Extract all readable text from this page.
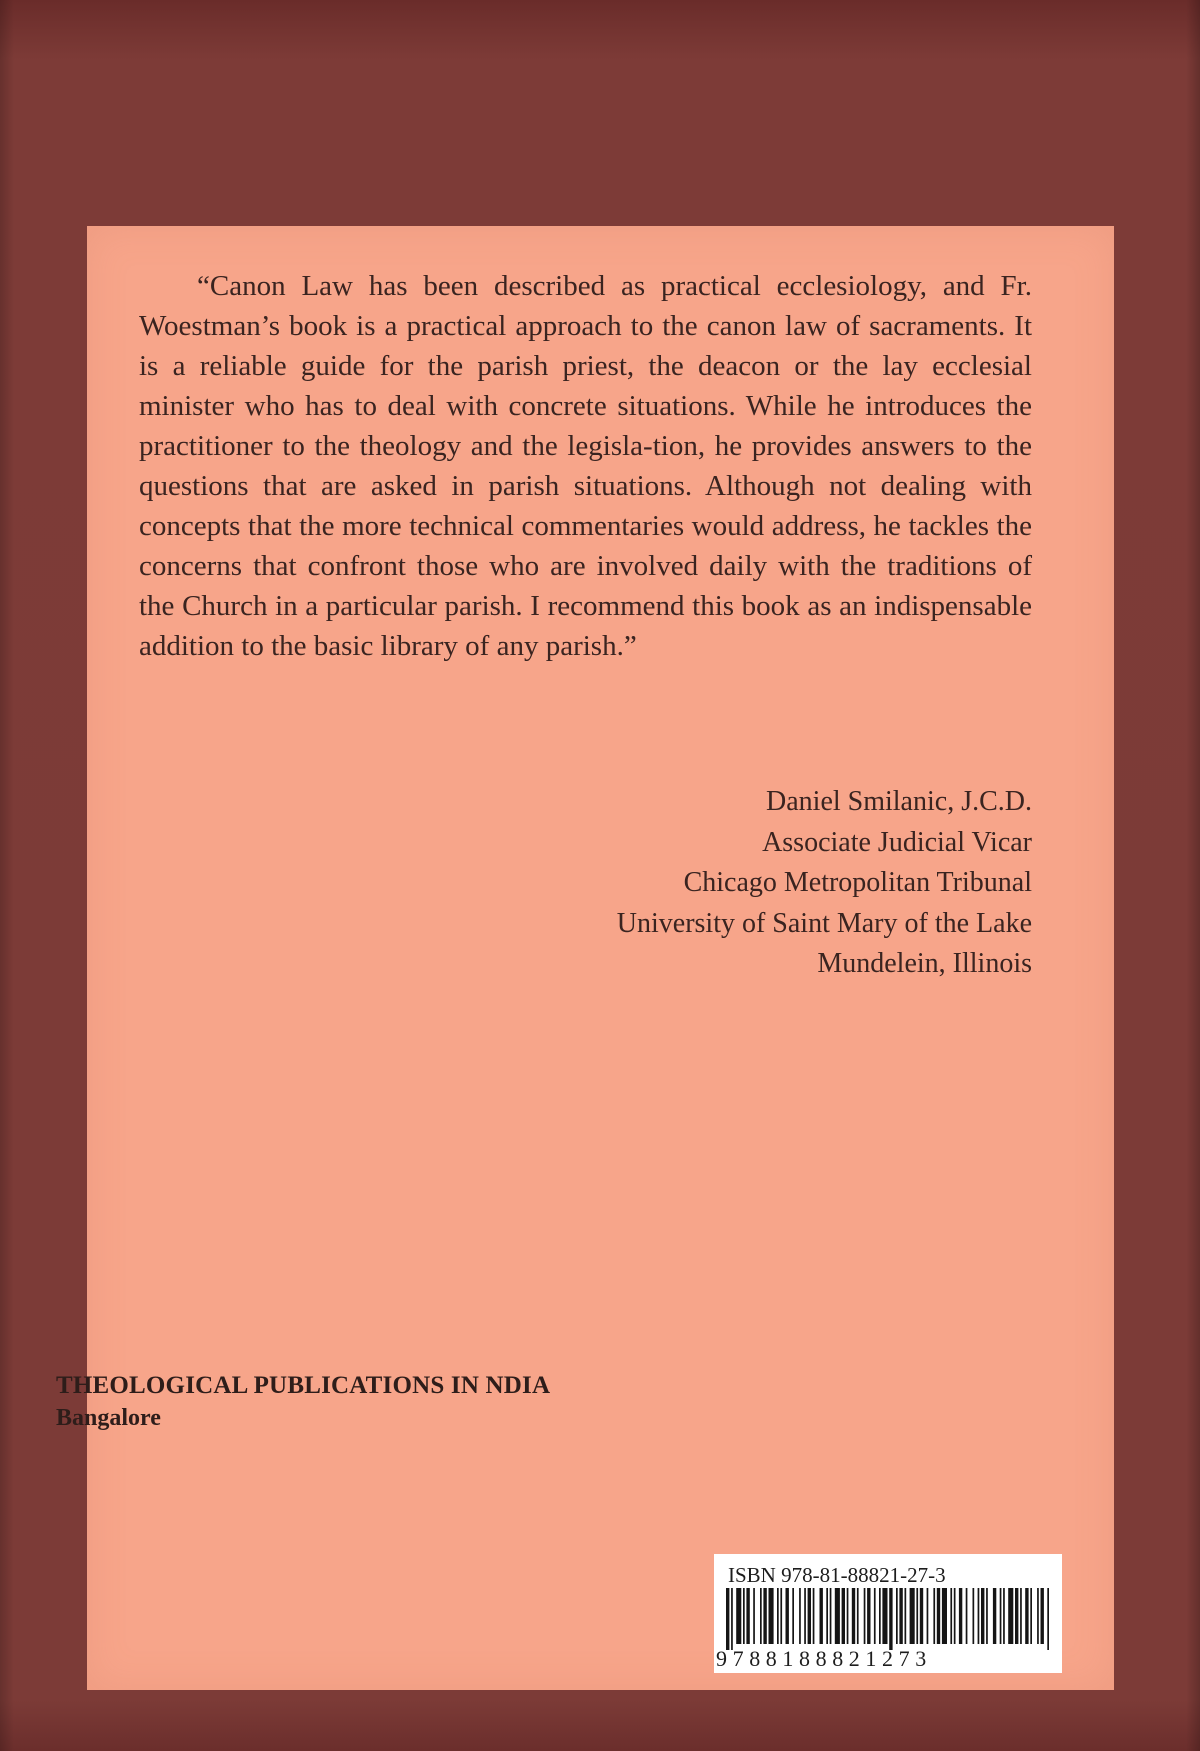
“Canon Law has been described as practical ecclesiology, and Fr. Woestman’s book is a practical approach to the canon law of sacraments. It is a reliable guide for the parish priest, the deacon or the lay ecclesial minister who has to deal with concrete situations. While he introduces the practitioner to the theology and the legisla-tion, he provides answers to the questions that are asked in parish situations. Although not dealing with concepts that the more technical commentaries would address, he tackles the concerns that confront those who are involved daily with the traditions of the Church in a particular parish. I recommend this book as an indispensable addition to the basic library of any parish.”

Daniel Smilanic, J.C.D.
Associate Judicial Vicar
Chicago Metropolitan Tribunal
University of Saint Mary of the Lake
Mundelein, Illinois
THEOLOGICAL PUBLICATIONS IN NDIA
Bangalore
ISBN 978-81-88821-27-3
9788188821273
